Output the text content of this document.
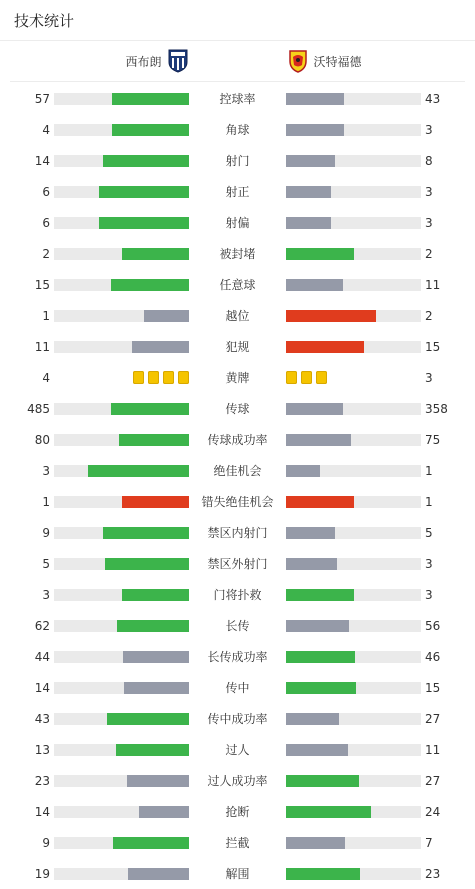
技术统计
西布朗	沃特福德
57	控球率	43
4	角球	3
14	射门	8
6	射正	3
6	射偏	3
2	被封堵	2
15	任意球	11
1	越位	2
11	犯规	15
4	黄牌	3
485	传球	358
80	传球成功率	75
3	绝佳机会	1
1	错失绝佳机会	1
9	禁区内射门	5
5	禁区外射门	3
3	门将扑救	3
62	长传	56
44	长传成功率	46
14	传中	15
43	传中成功率	27
13	过人	11
23	过人成功率	27
14	抢断	24
9	拦截	7
19	解围	23
